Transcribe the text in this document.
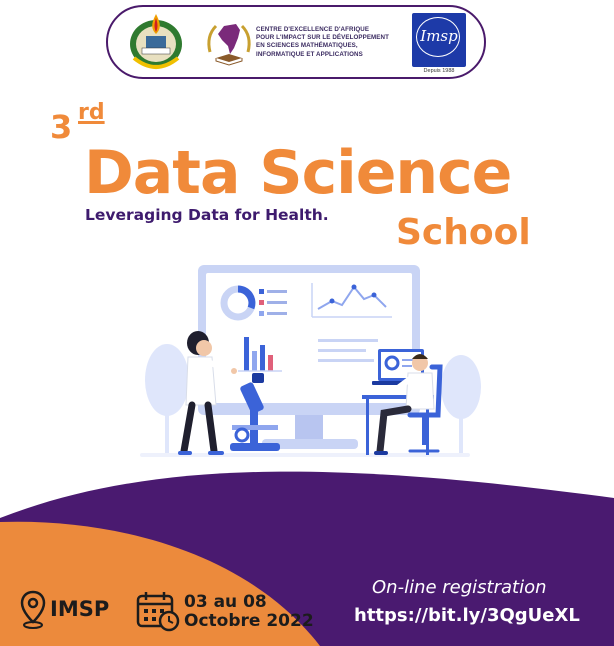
CENTRE D'EXCELLENCE D'AFRIQUE
POUR L'IMPACT SUR LE DÉVELOPPEMENT
EN SCIENCES MATHÉMATIQUES,
INFORMATIQUE ET APPLICATIONS
Imsp
Depuis 1988
3 rd
Data Science
Leveraging Data for Health. School
IMSP	03 au 08
Octobre 2022
On-line registration
https://bit.ly/3QgUeXL
